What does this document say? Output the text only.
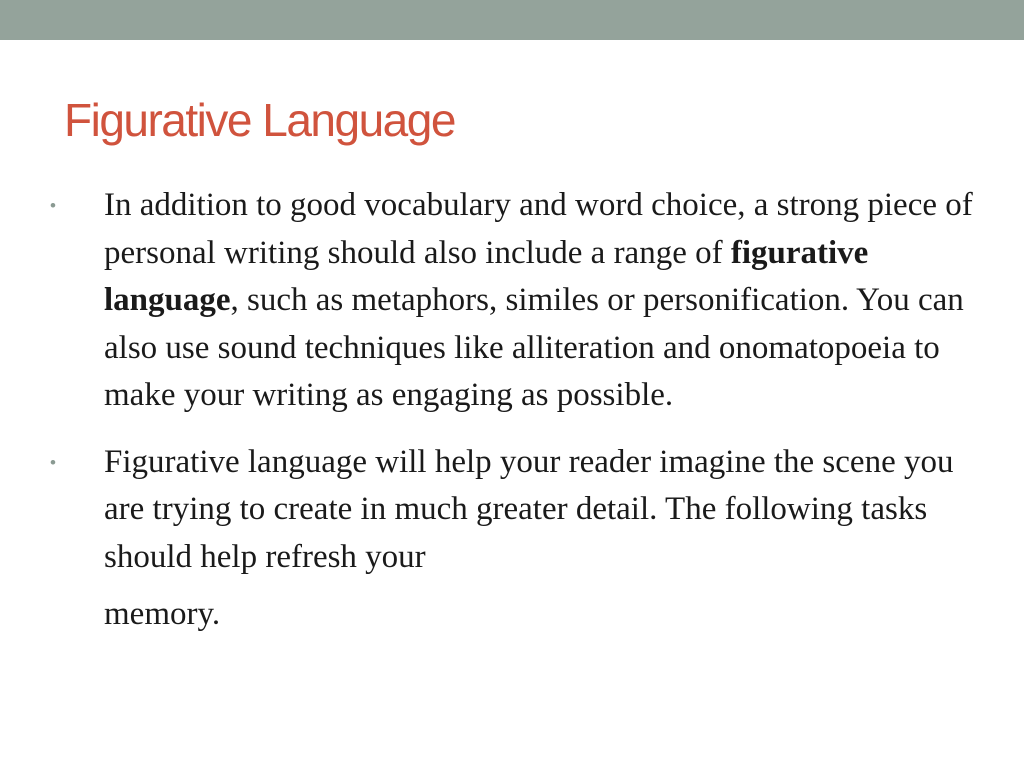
Figurative Language
• In addition to good vocabulary and word choice, a strong piece of personal writing should also include a range of figurative language, such as metaphors, similes or personification. You can also use sound techniques like alliteration and onomatopoeia to make your writing as engaging as possible.
• Figurative language will help your reader imagine the scene you are trying to create in much greater detail. The following tasks should help refresh your
memory.
